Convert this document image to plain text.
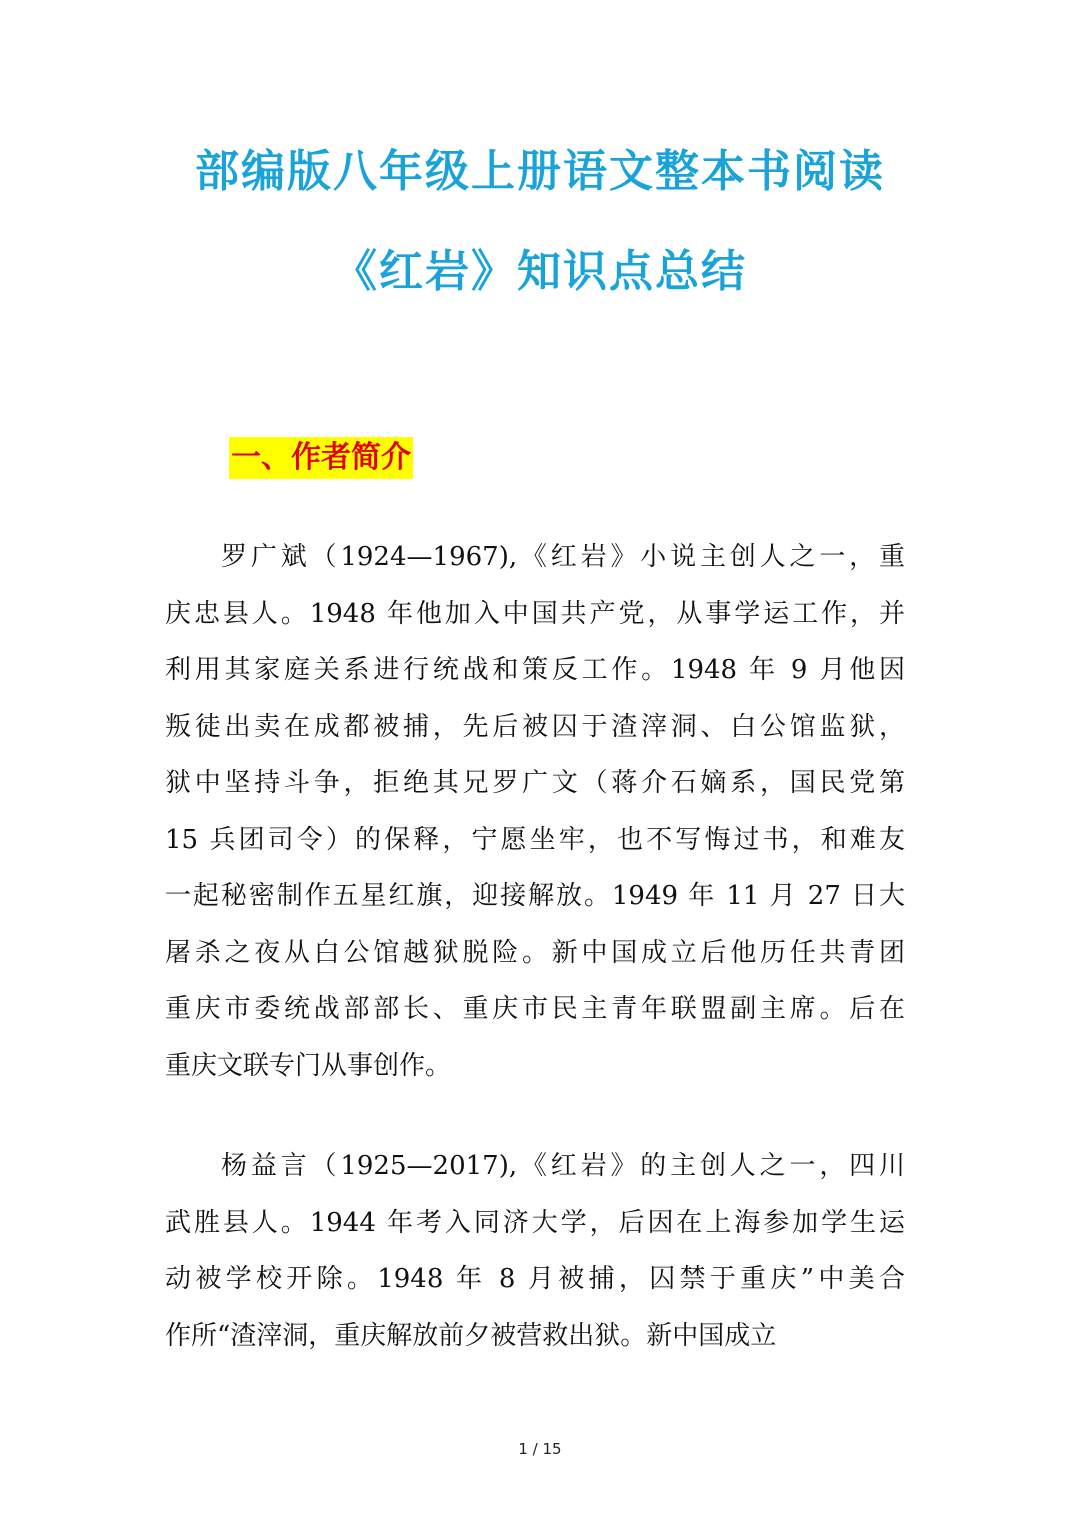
部编版八年级上册语文整本书阅读
《红岩》知识点总结
一、作者简介
罗广斌（1924—1967),《红岩》小说主创人之一，重
庆忠县人。1948 年他加入中国共产党，从事学运工作，并
利用其家庭关系进行统战和策反工作。1948 年 9 月他因
叛徒出卖在成都被捕，先后被囚于渣滓洞、白公馆监狱，
狱中坚持斗争，拒绝其兄罗广文（蒋介石嫡系，国民党第
15 兵团司令）的保释，宁愿坐牢，也不写悔过书，和难友
一起秘密制作五星红旗，迎接解放。1949 年 11 月 27 日大
屠杀之夜从白公馆越狱脱险。新中国成立后他历任共青团
重庆市委统战部部长、重庆市民主青年联盟副主席。后在
重庆文联专门从事创作。
杨益言（1925—2017),《红岩》的主创人之一，四川
武胜县人。1944 年考入同济大学，后因在上海参加学生运
动被学校开除。1948 年 8 月被捕，囚禁于重庆”中美合
作所“渣滓洞，重庆解放前夕被营救出狱。新中国成立
1 / 15
